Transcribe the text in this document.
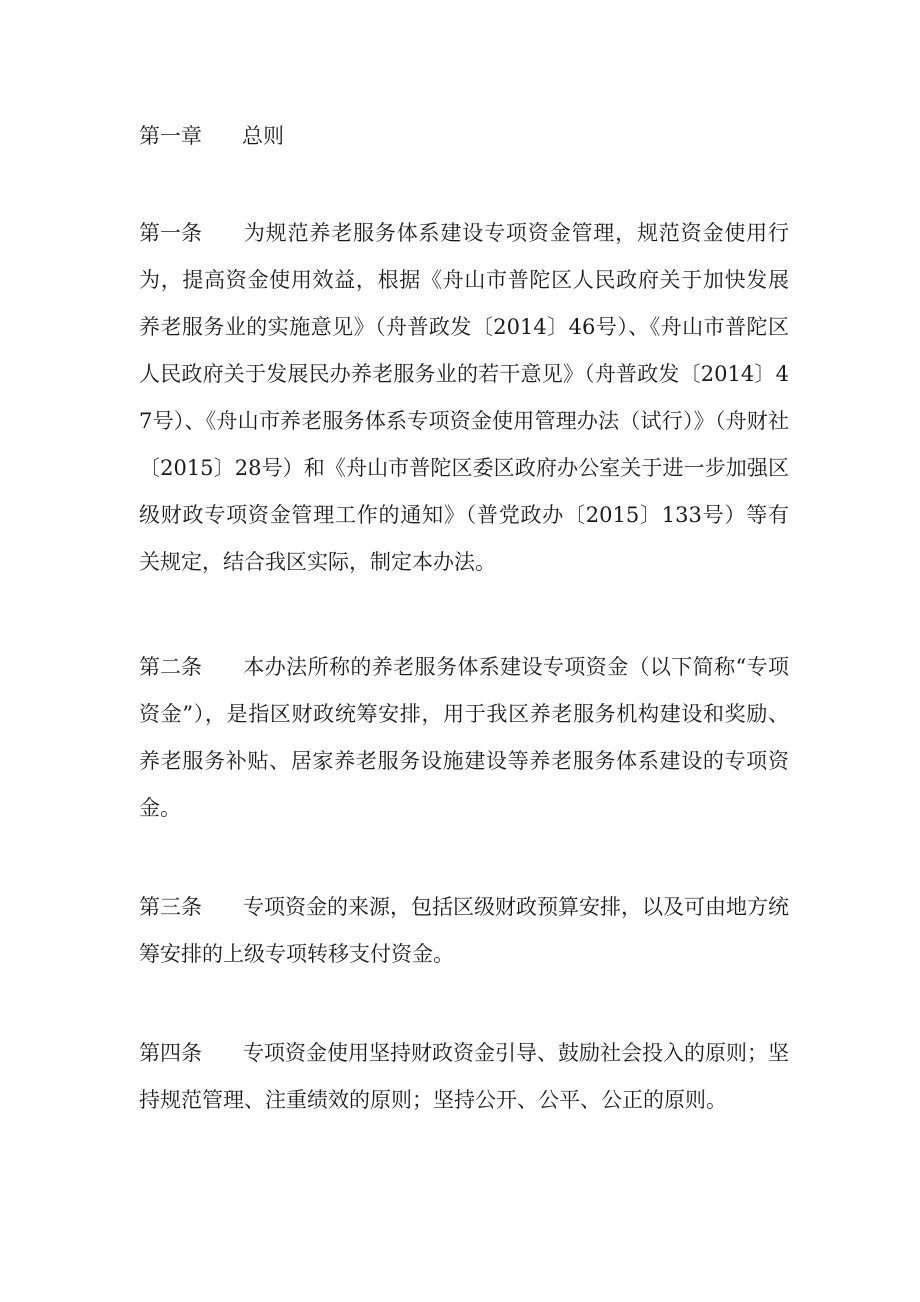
第一章 总则
第一条 为规范养老服务体系建设专项资金管理，规范资金使用行为，提高资金使用效益，根据《舟山市普陀区人民政府关于加快发展养老服务业的实施意见》（舟普政发〔2014〕46号）、《舟山市普陀区人民政府关于发展民办养老服务业的若干意见》（舟普政发〔2014〕47号）、《舟山市养老服务体系专项资金使用管理办法（试行）》（舟财社〔2015〕28号）和《舟山市普陀区委区政府办公室关于进一步加强区级财政专项资金管理工作的通知》（普党政办〔2015〕133号）等有关规定，结合我区实际，制定本办法。
第二条 本办法所称的养老服务体系建设专项资金（以下简称“专项资金”），是指区财政统筹安排，用于我区养老服务机构建设和奖励、养老服务补贴、居家养老服务设施建设等养老服务体系建设的专项资金。
第三条 专项资金的来源，包括区级财政预算安排，以及可由地方统筹安排的上级专项转移支付资金。
第四条 专项资金使用坚持财政资金引导、鼓励社会投入的原则；坚持规范管理、注重绩效的原则；坚持公开、公平、公正的原则。
